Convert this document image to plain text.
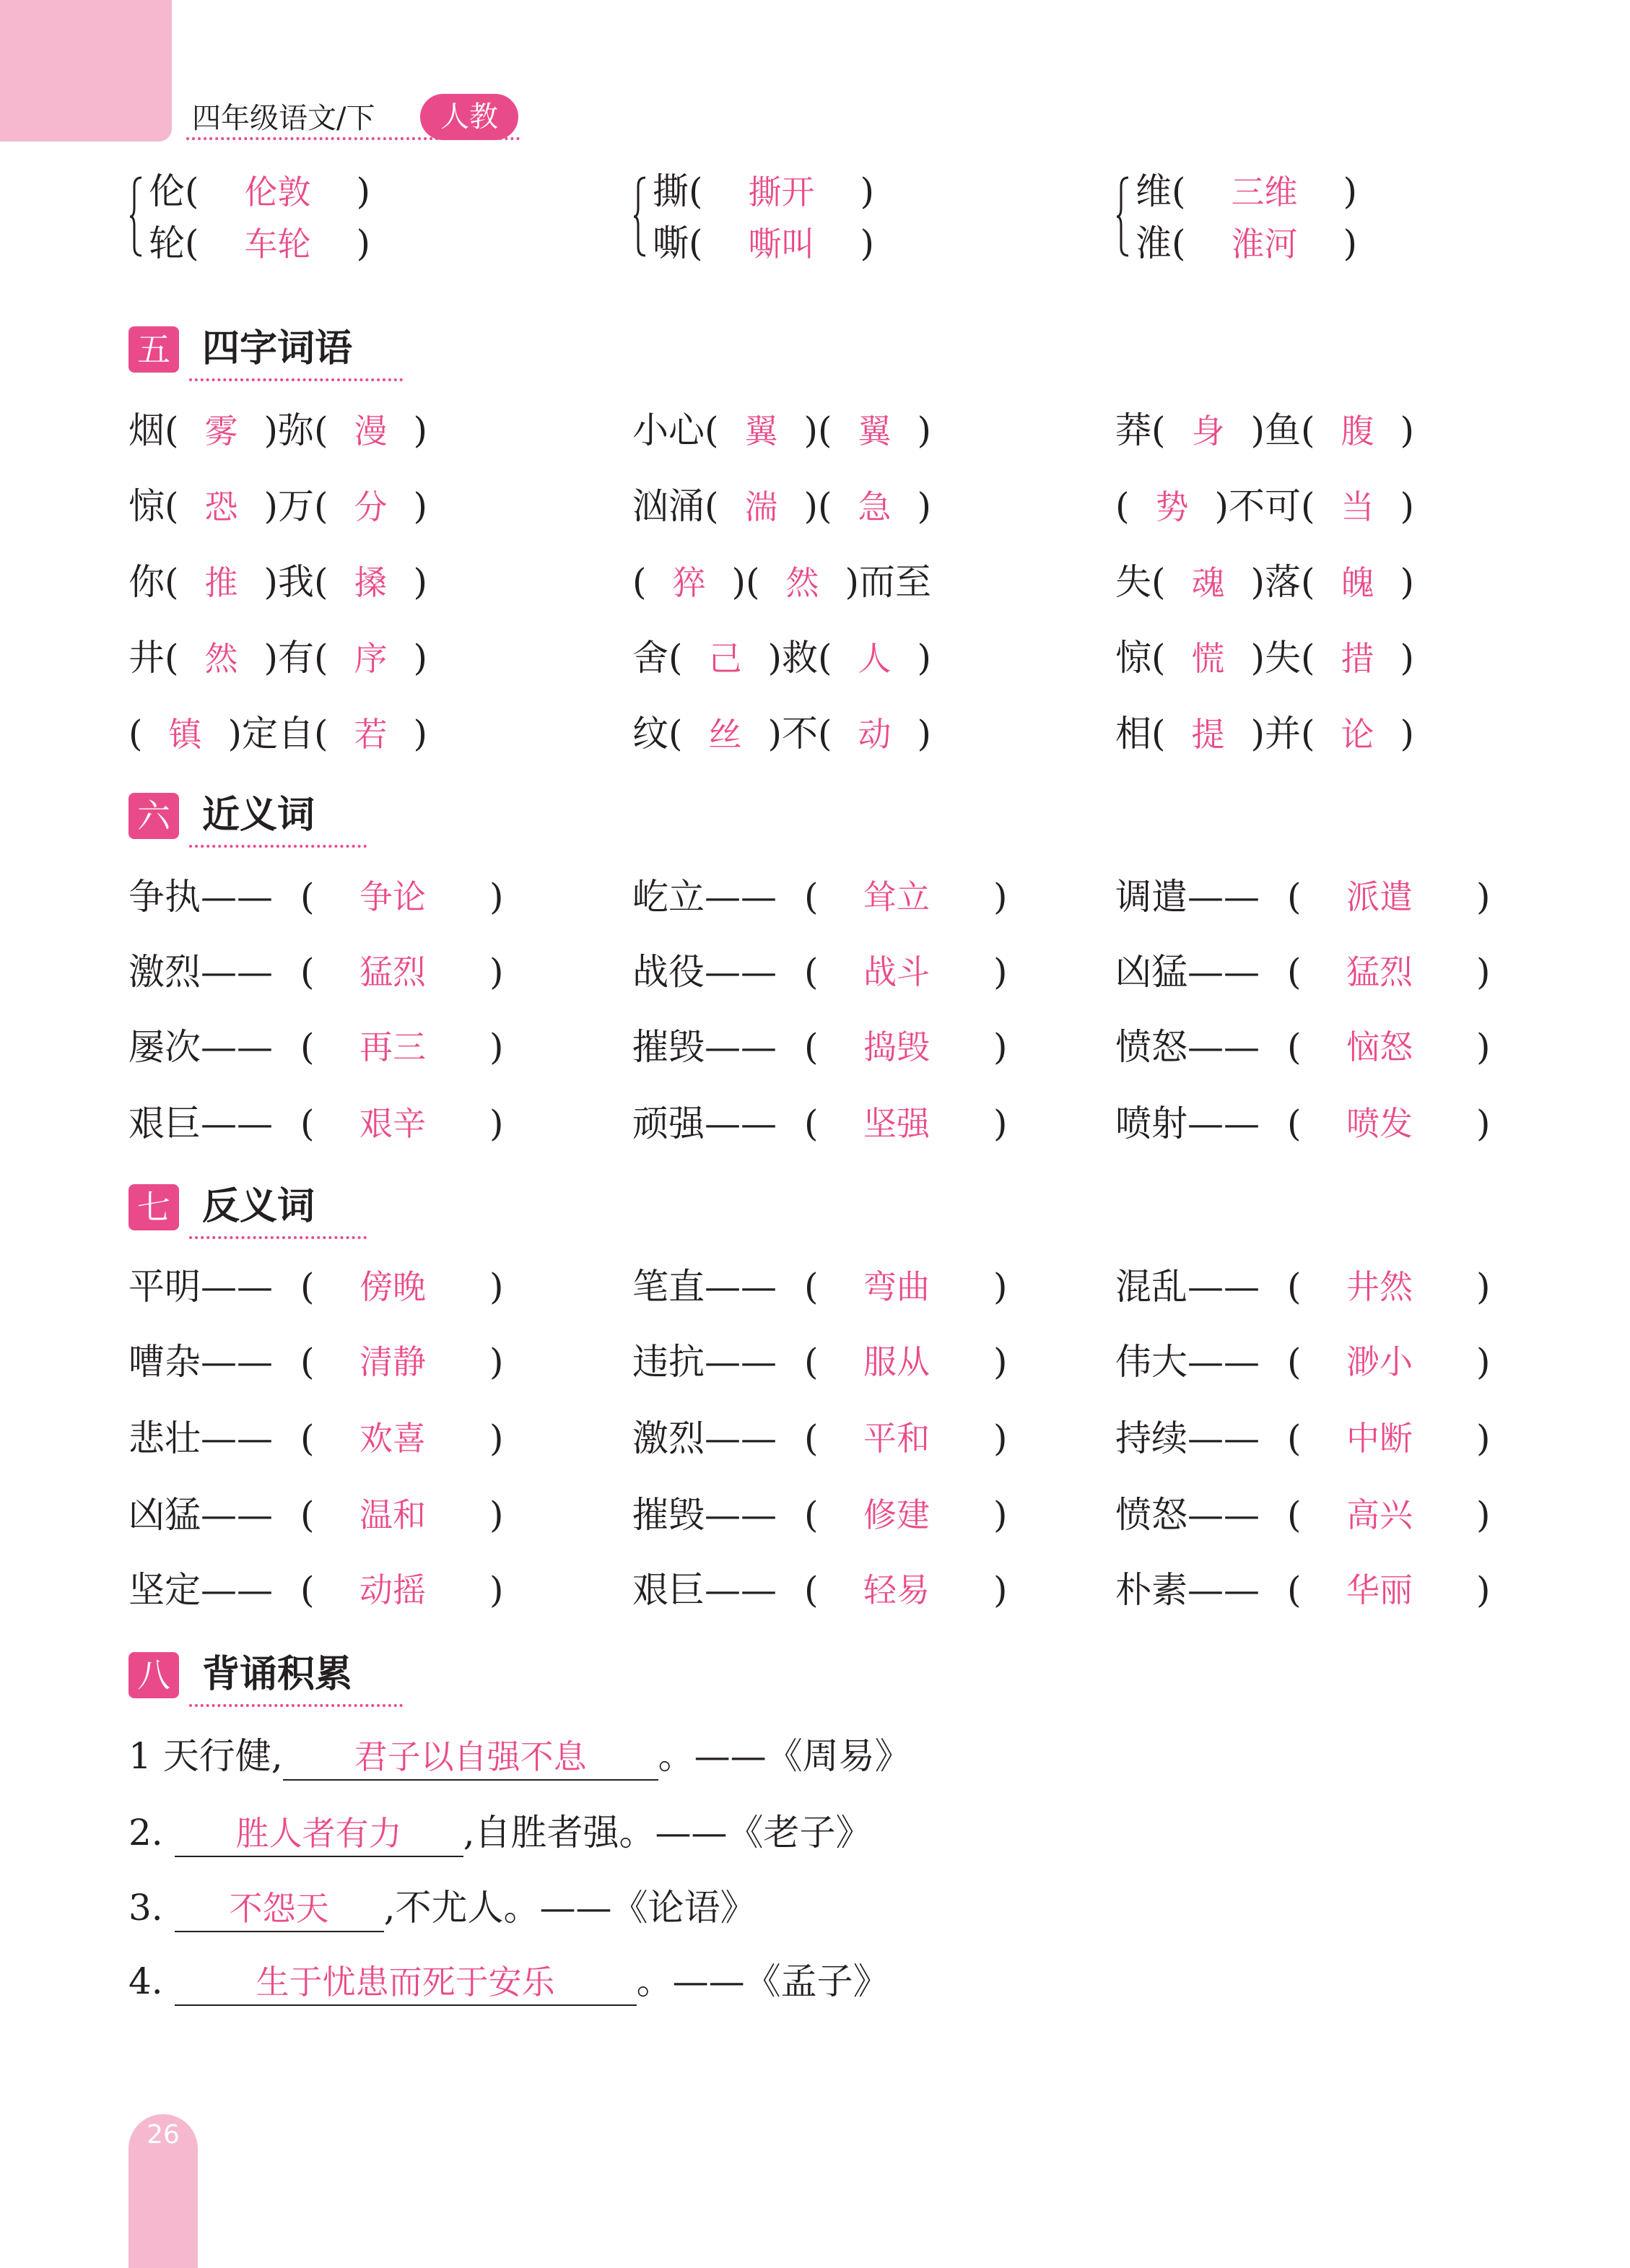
四年级语文/下	人教
伦( 伦敦 )
轮( 车轮 )
撕( 撕开 )
嘶( 嘶叫 )
维( 三维 )
淮( 淮河 )
五 四字词语
烟( 雾 )弥( 漫 )	小心( 翼 )( 翼 )	莽( 身 )鱼( 腹 )
惊( 恐 )万( 分 )	汹涌( 湍 )( 急 )	( 势 )不可( 当 )
你( 推 )我( 搡 )	( 猝 )( 然 )而至	失( 魂 )落( 魄 )
井( 然 )有( 序 )	舍( 己 )救( 人 )	惊( 慌 )失( 措 )
( 镇 )定自( 若 )	纹( 丝 )不( 动 )	相( 提 )并( 论 )
六 近义词
争执—— ( 争论	)	屹立—— ( 耸立	)	调遣—— ( 派遣	)
激烈—— ( 猛烈	)	战役—— ( 战斗	)	凶猛—— ( 猛烈	)
屡次—— ( 再三	)	摧毁—— ( 捣毁	)	愤怒—— ( 恼怒	)
艰巨—— ( 艰辛	)	顽强—— ( 坚强	)	喷射—— ( 喷发	)
七 反义词
平明—— ( 傍晚	)	笔直—— ( 弯曲	)	混乱—— ( 井然	)
嘈杂—— ( 清静	)	违抗—— ( 服从	)	伟大—— ( 渺小	)
悲壮—— ( 欢喜	)	激烈—— ( 平和	)	持续—— ( 中断	)
凶猛—— ( 温和	)	摧毁—— ( 修建	)	愤怒—— ( 高兴	)
坚定—— ( 动摇	)	艰巨—— ( 轻易	)	朴素—— ( 华丽	)
八 背诵积累
1 天行健, 君子以自强不息 。——《周易》
2. 胜人者有力 ,自胜者强。——《老子》
3. 不怨天 ,不尤人。——《论语》
4.	生于忧患而死于安乐 。——《孟子》
26
